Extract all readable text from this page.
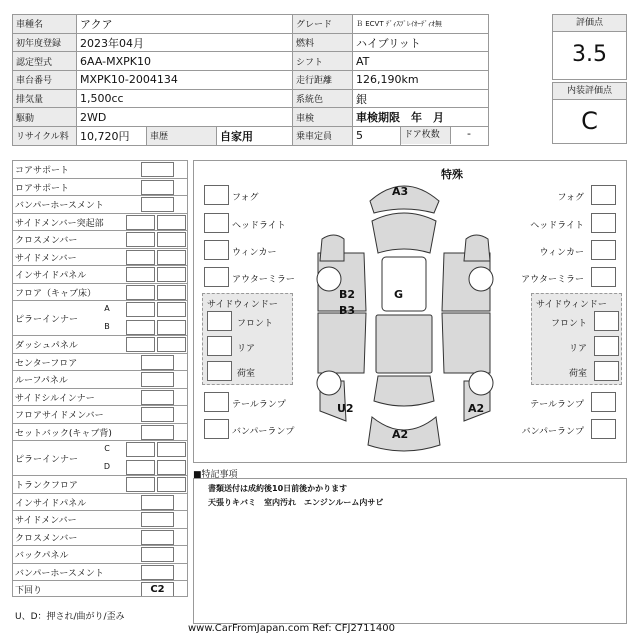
車種名	アクア			グレード	Ｂ ECVT ﾃﾞｨｽﾌﾟﾚｲｵｰﾃﾞｨｵ無	
初年度登録	2023年04月			燃料	ハイブリット	
認定型式	6AA-MXPK10			シフト	AT	
車台番号	MXPK10-2004134			走行距離	126,190km	
排気量	1,500cc			系統色	銀	
駆動	2WD			車検	車検期限　年　月	
リサイクル料	10,720円	車歴	自家用	乗車定員	5	ドア枚数 -
評価点
3.5
内装評価点
C
コアサポート
ロアサポート
バンパーホースメント
サイドメンバー突起部
クロスメンバー
サイドメンバー
インサイドパネル
フロア（キャブ床）
ピラーインナー
A
B
ダッシュパネル
センターフロア
ルーフパネル
サイドシルインナー
フロアサイドメンバー
セットバック(キャブ背)
ピラーインナー
C
D
トランクフロア
インサイドパネル
サイドメンバー
クロスメンバー
バックパネル
バンパーホースメント
下回り	C2
U、D：押され/曲がり/歪み
特殊
フォグ
ヘッドライト
ウィンカー
アウターミラー
フォグ
ヘッドライト
ウィンカー
アウターミラー
サイドウィンドー
フロント
リア
荷室
サイドウィンドー
フロント
リア
荷室
テールランプ	テールランプ
バンパーランプ	バンパーランプ
A3
B2
B3
G
U2	A2
A2
■特記事項
書類送付は成約後10日前後かかります
天張りキバミ　室内汚れ　エンジンルーム内サビ
www.CarFromJapan.com Ref: CFJ2711400
